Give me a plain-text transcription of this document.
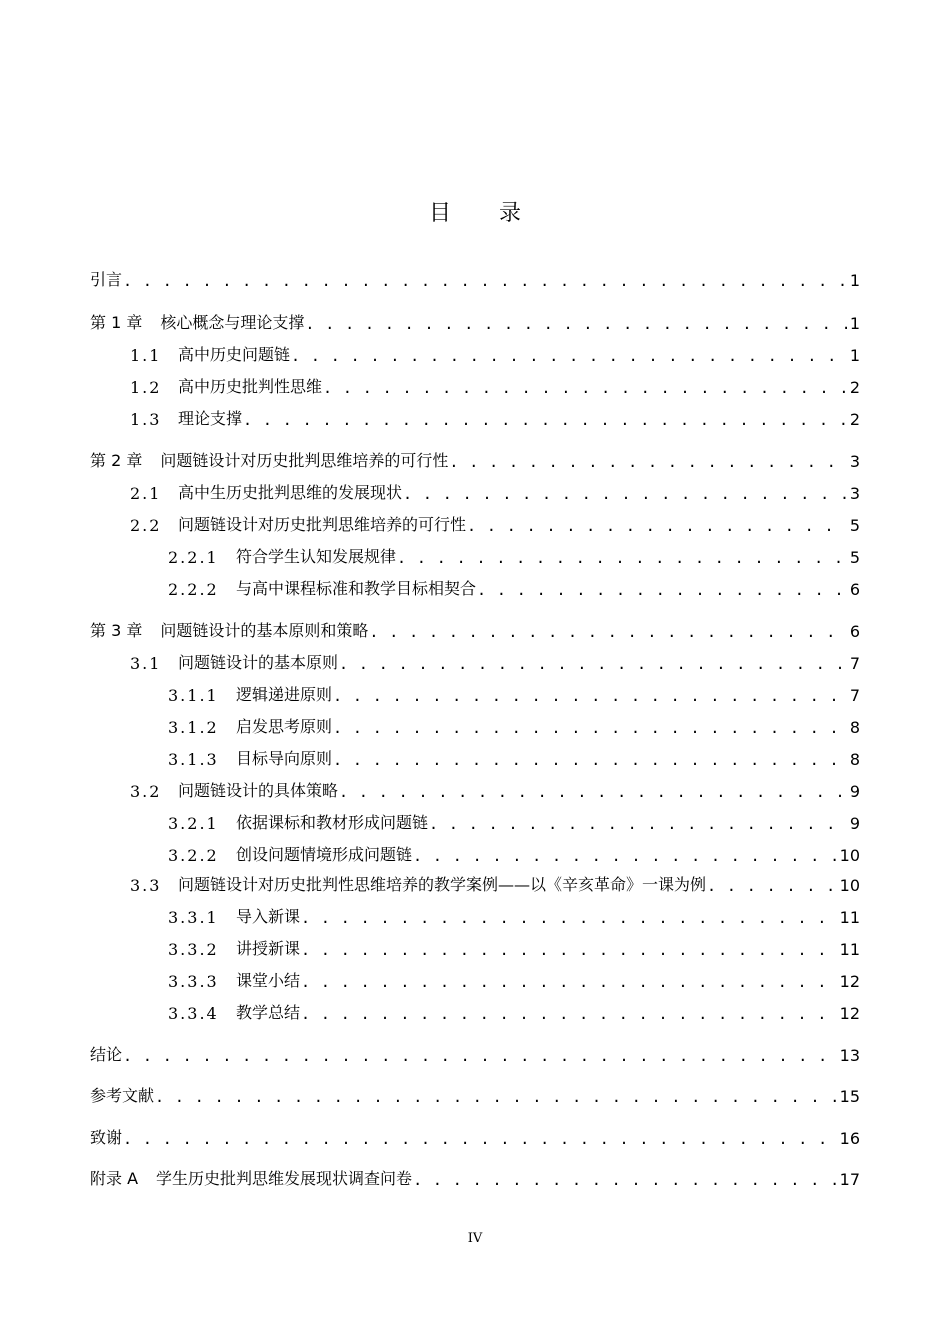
目 录
引言 . . .	1
第 1 章 核心概念与理论支撑 . . .	1
1.1	高中历史问题链 . . .	1
1.2	高中历史批判性思维 . . .	2
1.3	理论支撑 . . .	2
第 2 章 问题链设计对历史批判思维培养的可行性 . . .	3
2.1	高中生历史批判思维的发展现状 . . .	3
2.2	问题链设计对历史批判思维培养的可行性 . . .	5
2.2.1	符合学生认知发展规律 . . .	5
2.2.2	与高中课程标准和教学目标相契合 . . .	6
第 3 章 问题链设计的基本原则和策略 . . .	6
3.1	问题链设计的基本原则 . . .	7
3.1.1	逻辑递进原则 . . .	7
3.1.2	启发思考原则 . . .	8
3.1.3	目标导向原则 . . .	8
3.2	问题链设计的具体策略 . . .	9
3.2.1	依据课标和教材形成问题链 . . .	9
3.2.2	创设问题情境形成问题链 . . .	10
3.3	问题链设计对历史批判性思维培养的教学案例——以《辛亥革命》一课为例 . . .	10
3.3.1	导入新课 . . .	11
3.3.2	讲授新课 . . .	11
3.3.3	课堂小结 . . .	12
3.3.4	教学总结 . . .	12
结论 . . .	13
参考文献 . . .	15
致谢 . . .	16
附录 A 学生历史批判思维发展现状调查问卷 . . .	17
IV
